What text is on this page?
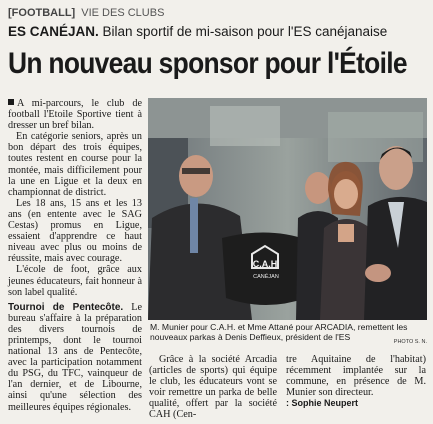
[FOOTBALL] VIE DES CLUBS
ES CANÉJAN. Bilan sportif de mi-saison pour l'ES canéjanaise
Un nouveau sponsor pour l'Étoile

A mi-parcours, le club de football l'Etoile Sportive tient à dresser un bref bilan.

En catégorie seniors, après un bon départ des trois équipes, toutes restent en course pour la montée, mais difficilement pour la une en Ligue et la deux en championnat de district.

Les 18 ans, 15 ans et les 13 ans (en entente avec le SAG Cestas) promus en Ligue, essaient d'apprendre ce haut niveau avec plus ou moins de réussite, mais avec courage.

L'école de foot, grâce aux jeunes éducateurs, fait honneur à son label qualité.

Tournoi de Pentecôte. Le bureau s'affaire à la préparation des divers tournois de printemps, dont le tournoi national 13 ans de Pentecôte, avec la participation notamment du PSG, du TFC, vainqueur de l'an dernier, et de Libourne, ainsi qu'une sélection des meilleures équipes régionales.

C.A.H
CANÉJAN
M. Munier pour C.A.H. et Mme Attané pour ARCADIA, remettent les nouveaux parkas à Denis Deffieux, président de l'ES	PHOTO S. N.
Grâce à la société Arcadia (articles de sports) qui équipe le club, les éducateurs vont se voir remettre un parka de belle qualité, offert par la société CAH (Cen-
tre Aquitaine de l'habitat) récemment implantée sur la commune, en présence de M. Munier son directeur.
: Sophie Neupert
